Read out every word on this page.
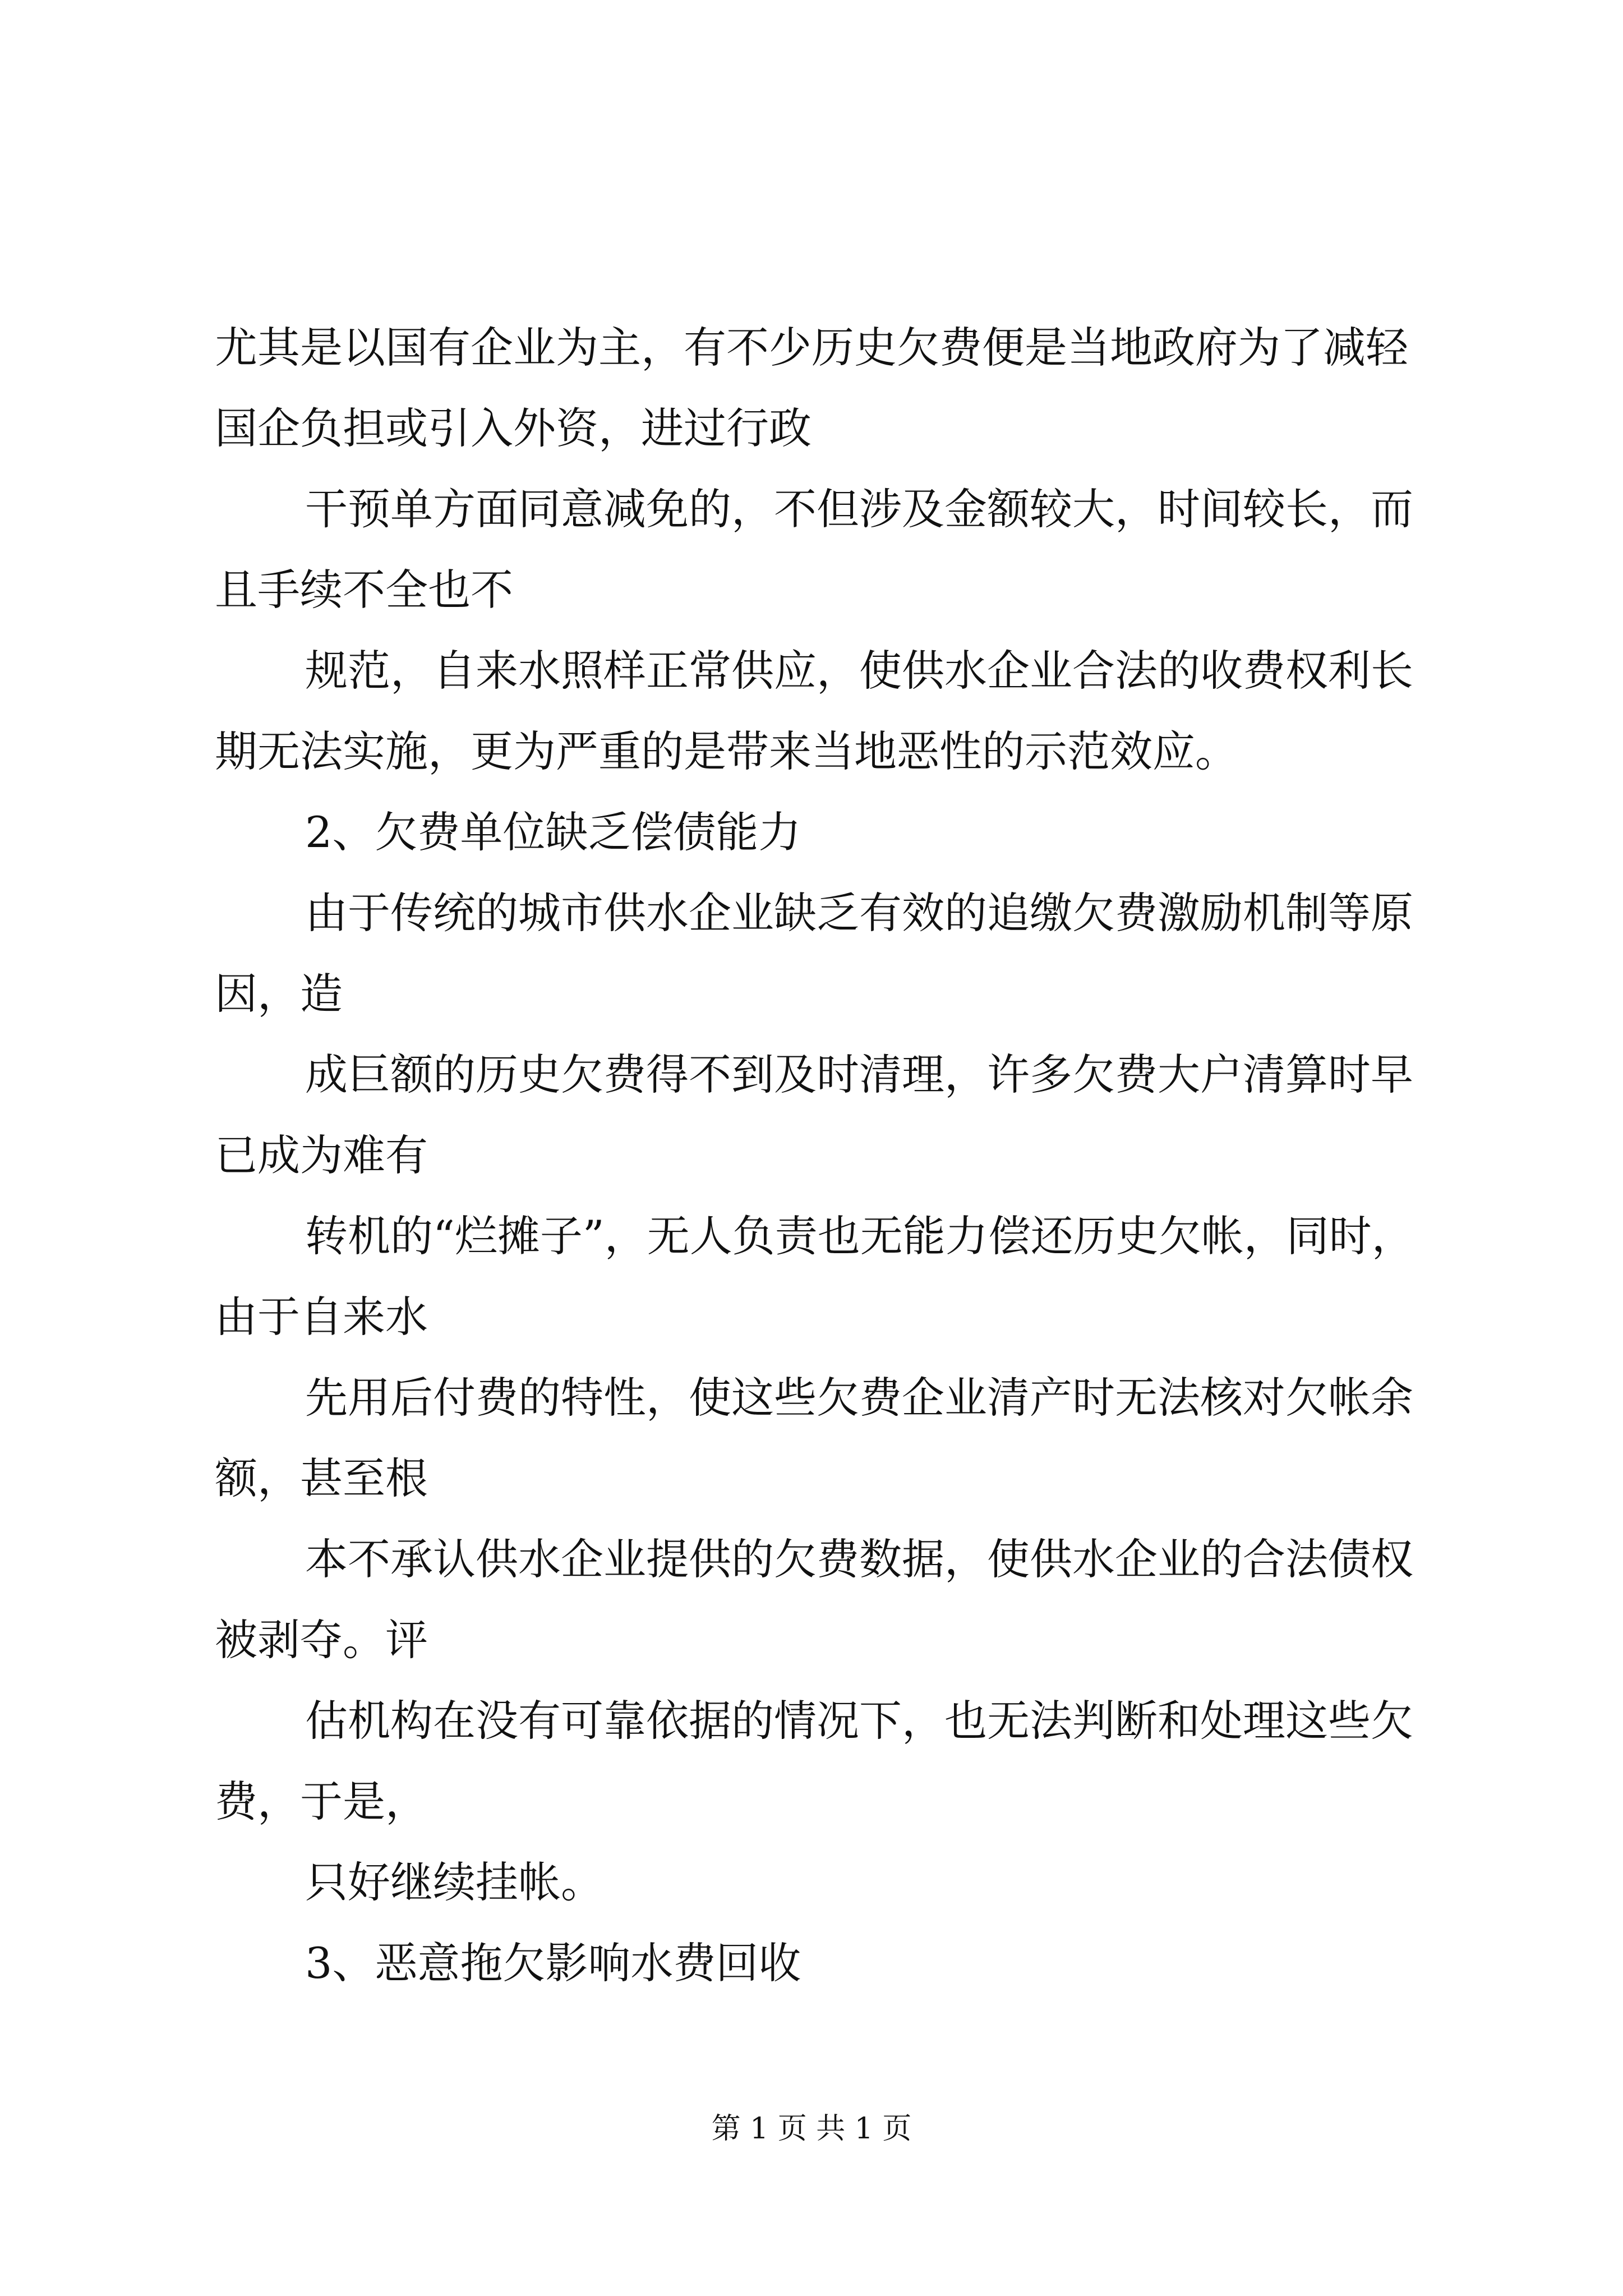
尤其是以国有企业为主，有不少历史欠费便是当地政府为了减轻国企负担或引入外资，进过行政

干预单方面同意减免的，不但涉及金额较大，时间较长，而且手续不全也不

规范，自来水照样正常供应，使供水企业合法的收费权利长期无法实施，更为严重的是带来当地恶性的示范效应。

2、欠费单位缺乏偿债能力

由于传统的城市供水企业缺乏有效的追缴欠费激励机制等原因，造

成巨额的历史欠费得不到及时清理，许多欠费大户清算时早已成为难有

转机的“烂摊子”，无人负责也无能力偿还历史欠帐，同时，由于自来水

先用后付费的特性，使这些欠费企业清产时无法核对欠帐余额，甚至根

本不承认供水企业提供的欠费数据，使供水企业的合法债权被剥夺。评

估机构在没有可靠依据的情况下，也无法判断和处理这些欠费，于是，

只好继续挂帐。

3、恶意拖欠影响水费回收

第 1 页 共 1 页
